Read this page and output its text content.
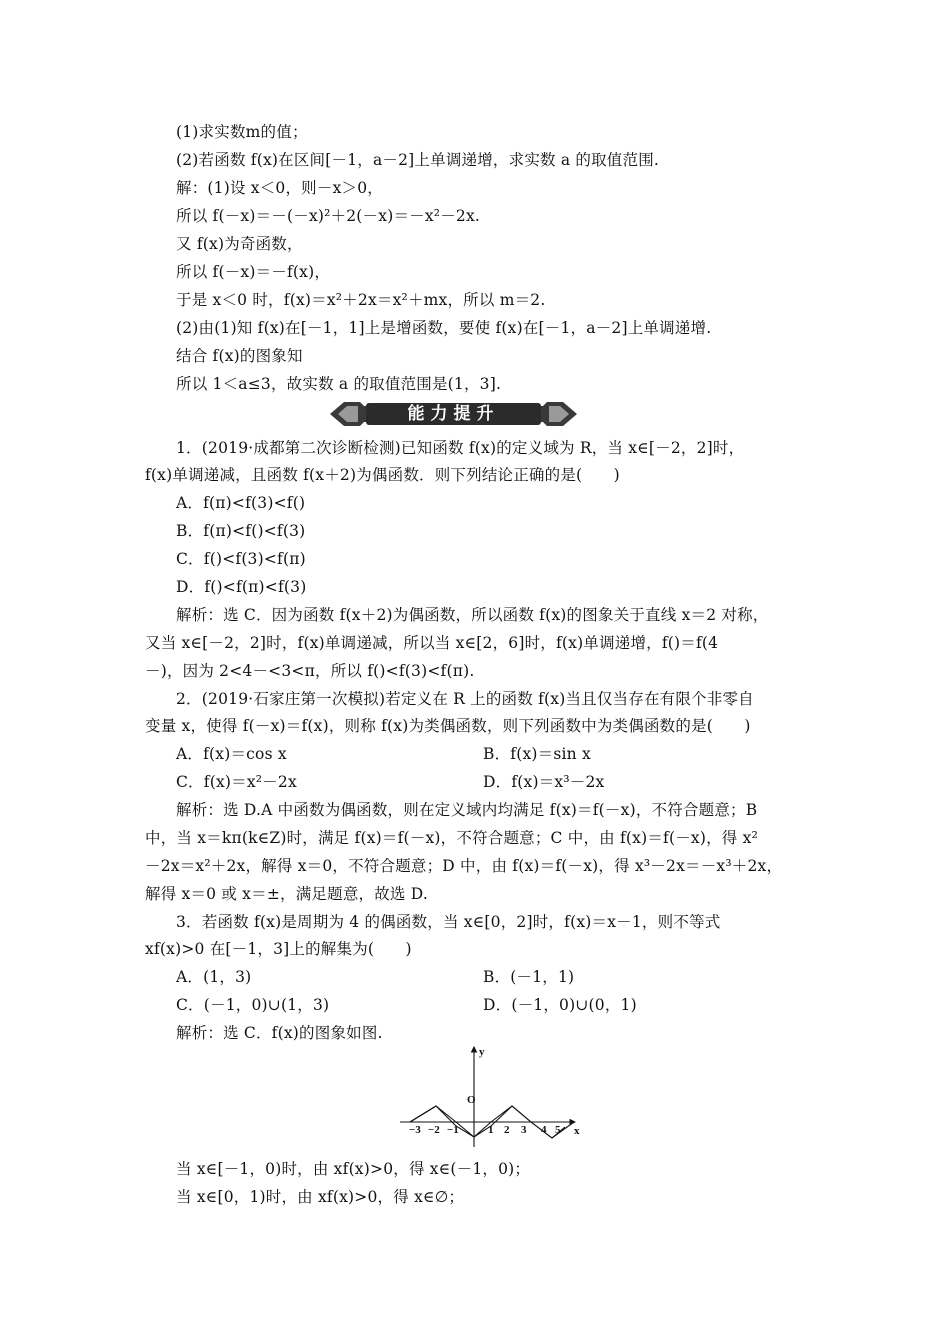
(1)求实数m的值；
(2)若函数 f(x)在区间[－1，a－2]上单调递增，求实数 a 的取值范围.
解：(1)设 x＜0，则－x＞0，
所以 f(－x)＝－(－x)²＋2(－x)＝－x²－2x.
又 f(x)为奇函数，
所以 f(－x)＝－f(x)，
于是 x＜0 时，f(x)＝x²＋2x＝x²＋mx，所以 m＝2.
(2)由(1)知 f(x)在[－1，1]上是增函数，要使 f(x)在[－1，a－2]上单调递增.
结合 f(x)的图象知
所以 1＜a≤3，故实数 a 的取值范围是(1，3].
能力提升
1．(2019·成都第二次诊断检测)已知函数 f(x)的定义域为 R，当 x∈[－2，2]时，
f(x)单调递减，且函数 f(x＋2)为偶函数．则下列结论正确的是(　　)
A．f(π)<f(3)<f()
B．f(π)<f()<f(3)
C．f()<f(3)<f(π)
D．f()<f(π)<f(3)
解析：选 C．因为函数 f(x＋2)为偶函数，所以函数 f(x)的图象关于直线 x＝2 对称，
又当 x∈[－2，2]时，f(x)单调递减，所以当 x∈[2，6]时，f(x)单调递增，f()＝f(4
－)，因为 2<4－<3<π，所以 f()<f(3)<f(π).
2．(2019·石家庄第一次模拟)若定义在 R 上的函数 f(x)当且仅当存在有限个非零自
变量 x，使得 f(－x)＝f(x)，则称 f(x)为类偶函数，则下列函数中为类偶函数的是(　　)
A．f(x)＝cos x	B．f(x)＝sin x
C．f(x)＝x²－2x	D．f(x)＝x³－2x
解析：选 D.A 中函数为偶函数，则在定义域内均满足 f(x)＝f(－x)，不符合题意；B
中，当 x＝kπ(k∈Z)时，满足 f(x)＝f(－x)，不符合题意；C 中，由 f(x)＝f(－x)，得 x²
－2x＝x²＋2x，解得 x＝0，不符合题意；D 中，由 f(x)＝f(－x)，得 x³－2x＝－x³＋2x，
解得 x＝0 或 x＝±，满足题意，故选 D.
3．若函数 f(x)是周期为 4 的偶函数，当 x∈[0，2]时，f(x)＝x－1，则不等式
xf(x)>0 在[－1，3]上的解集为(　　)
A．(1，3)	B．(－1，1)
C．(－1，0)∪(1，3)	D．(－1，0)∪(0，1)
解析：选 C．f(x)的图象如图.
y
O
x
−3 −2 −1	1 2 3 4 5
当 x∈[－1，0)时，由 xf(x)>0，得 x∈(－1，0)；
当 x∈[0，1)时，由 xf(x)>0，得 x∈∅；
